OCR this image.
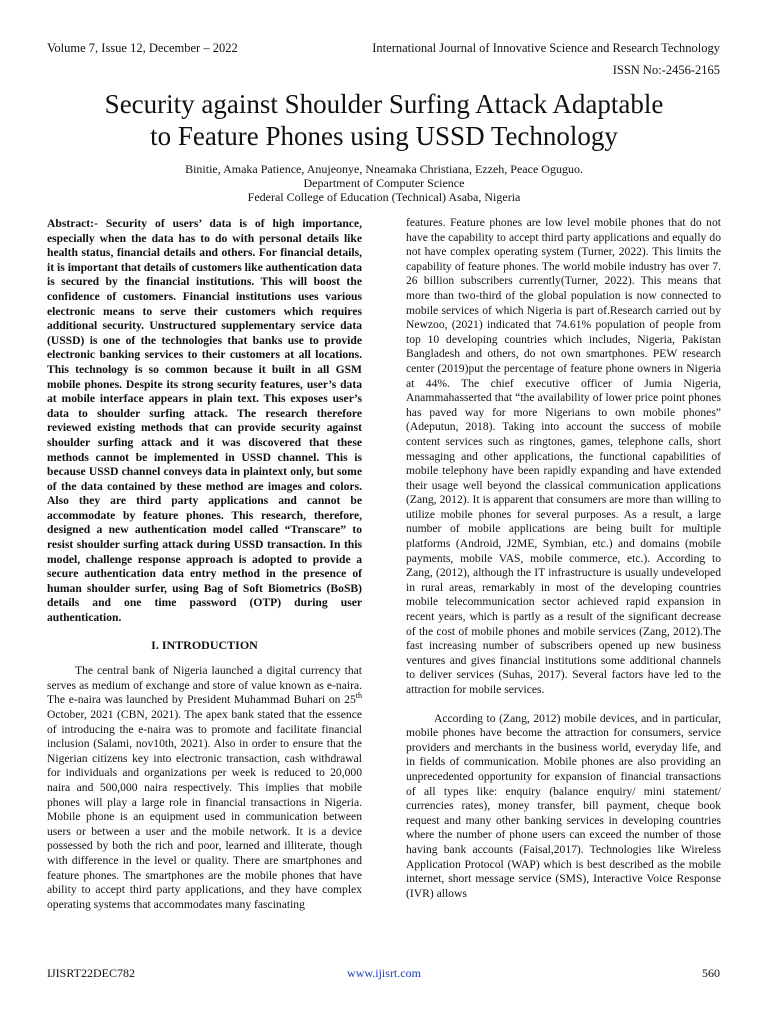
Volume 7, Issue 12, December – 2022	International Journal of Innovative Science and Research Technology
ISSN No:-2456-2165
Security against Shoulder Surfing Attack Adaptable
to Feature Phones using USSD Technology
Binitie, Amaka Patience, Anujeonye, Nneamaka Christiana, Ezzeh, Peace Oguguo.
Department of Computer Science
Federal College of Education (Technical) Asaba, Nigeria

Abstract:- Security of users’ data is of high importance, especially when the data has to do with personal details like health status, financial details and others. For financial details, it is important that details of customers like authentication data is secured by the financial institutions. This will boost the confidence of customers. Financial institutions uses various electronic means to serve their customers which requires additional security. Unstructured supplementary service data (USSD) is one of the technologies that banks use to provide electronic banking services to their customers at all locations. This technology is so common because it built in all GSM mobile phones. Despite its strong security features, user’s data at mobile interface appears in plain text. This exposes user’s data to shoulder surfing attack. The research therefore reviewed existing methods that can provide security against shoulder surfing attack and it was discovered that these methods cannot be implemented in USSD channel. This is because USSD channel conveys data in plaintext only, but some of the data contained by these method are images and colors. Also they are third party applications and cannot be accommodate by feature phones. This research, therefore, designed a new authentication model called “Transcare” to resist shoulder surfing attack during USSD transaction. In this model, challenge response approach is adopted to provide a secure authentication data entry method in the presence of human shoulder surfer, using Bag of Soft Biometrics (BoSB) details and one time password (OTP) during user authentication.

I. INTRODUCTION

The central bank of Nigeria launched a digital currency that serves as medium of exchange and store of value known as e-naira. The e-naira was launched by President Muhammad Buhari on 25th October, 2021 (CBN, 2021). The apex bank stated that the essence of introducing the e-naira was to promote and facilitate financial inclusion (Salami, nov10th, 2021). Also in order to ensure that the Nigerian citizens key into electronic transaction, cash withdrawal for individuals and organizations per week is reduced to 20,000 naira and 500,000 naira respectively. This implies that mobile phones will play a large role in financial transactions in Nigeria. Mobile phone is an equipment used in communication between users or between a user and the mobile network. It is a device possessed by both the rich and poor, learned and illiterate, though with difference in the level or quality. There are smartphones and feature phones. The smartphones are the mobile phones that have ability to accept third party applications, and they have complex operating systems that accommodates many fascinating

features. Feature phones are low level mobile phones that do not have the capability to accept third party applications and equally do not have complex operating system (Turner, 2022). This limits the capability of feature phones. The world mobile industry has over 7. 26 billion subscribers currently(Turner, 2022). This means that more than two-third of the global population is now connected to mobile services of which Nigeria is part of.Research carried out by Newzoo, (2021) indicated that 74.61% population of people from top 10 developing countries which includes, Nigeria, Pakistan Bangladesh and others, do not own smartphones. PEW research center (2019)put the percentage of feature phone owners in Nigeria at 44%. The chief executive officer of Jumia Nigeria, Anammahasserted that “the availability of lower price point phones has paved way for more Nigerians to own mobile phones” (Adeputun, 2018). Taking into account the success of mobile content services such as ringtones, games, telephone calls, short messaging and other applications, the functional capabilities of mobile telephony have been rapidly expanding and have extended their usage well beyond the classical communication applications (Zang, 2012). It is apparent that consumers are more than willing to utilize mobile phones for several purposes. As a result, a large number of mobile applications are being built for multiple platforms (Android, J2ME, Symbian, etc.) and domains (mobile payments, mobile VAS, mobile commerce, etc.). According to Zang, (2012), although the IT infrastructure is usually undeveloped in rural areas, remarkably in most of the developing countries mobile telecommunication sector achieved rapid expansion in recent years, which is partly as a result of the significant decrease of the cost of mobile phones and mobile services (Zang, 2012).The fast increasing number of subscribers opened up new business ventures and gives financial institutions some additional channels to deliver services (Suhas, 2017). Several factors have led to the attraction for mobile services.

According to (Zang, 2012) mobile devices, and in particular, mobile phones have become the attraction for consumers, service providers and merchants in the business world, everyday life, and in fields of communication. Mobile phones are also providing an unprecedented opportunity for expansion of financial transactions of all types like: enquiry (balance enquiry/ mini statement/ currencies rates), money transfer, bill payment, cheque book request and many other banking services in developing countries where the number of phone users can exceed the number of those having bank accounts (Faisal,2017). Technologies like Wireless Application Protocol (WAP) which is best described as the mobile internet, short message service (SMS), Interactive Voice Response (IVR) allows

IJISRT22DEC782	www.ijisrt.com	560
